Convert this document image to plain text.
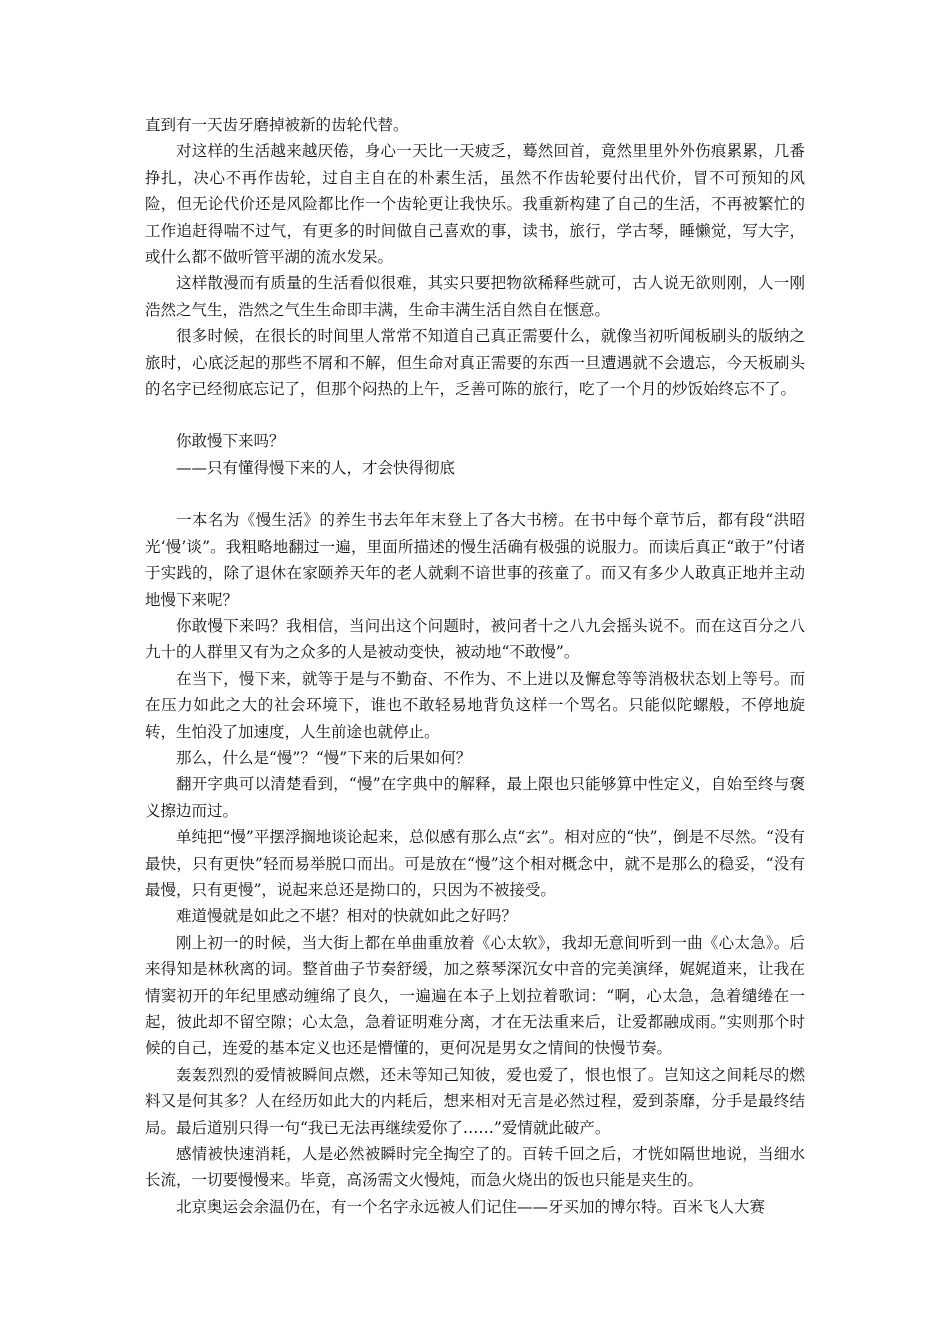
直到有一天齿牙磨掉被新的齿轮代替。

对这样的生活越来越厌倦，身心一天比一天疲乏，蓦然回首，竟然里里外外伤痕累累，几番挣扎，决心不再作齿轮，过自主自在的朴素生活，虽然不作齿轮要付出代价，冒不可预知的风险，但无论代价还是风险都比作一个齿轮更让我快乐。我重新构建了自己的生活，不再被繁忙的工作追赶得喘不过气，有更多的时间做自己喜欢的事，读书，旅行，学古琴，睡懒觉，写大字，或什么都不做听管平湖的流水发呆。

这样散漫而有质量的生活看似很难，其实只要把物欲稀释些就可，古人说无欲则刚，人一刚浩然之气生，浩然之气生生命即丰满，生命丰满生活自然自在惬意。

很多时候，在很长的时间里人常常不知道自己真正需要什么，就像当初听闻板刷头的版纳之旅时，心底泛起的那些不屑和不解，但生命对真正需要的东西一旦遭遇就不会遗忘，今天板刷头的名字已经彻底忘记了，但那个闷热的上午，乏善可陈的旅行，吃了一个月的炒饭始终忘不了。

你敢慢下来吗？

——只有懂得慢下来的人，才会快得彻底

一本名为《慢生活》的养生书去年年末登上了各大书榜。在书中每个章节后，都有段“洪昭光‘慢’谈”。我粗略地翻过一遍，里面所描述的慢生活确有极强的说服力。而读后真正“敢于”付诸于实践的，除了退休在家颐养天年的老人就剩不谙世事的孩童了。而又有多少人敢真正地并主动地慢下来呢？

你敢慢下来吗？我相信，当问出这个问题时，被问者十之八九会摇头说不。而在这百分之八九十的人群里又有为之众多的人是被动变快，被动地“不敢慢”。

在当下，慢下来，就等于是与不勤奋、不作为、不上进以及懈怠等等消极状态划上等号。而在压力如此之大的社会环境下，谁也不敢轻易地背负这样一个骂名。只能似陀螺般，不停地旋转，生怕没了加速度，人生前途也就停止。

那么，什么是“慢”？“慢”下来的后果如何？

翻开字典可以清楚看到，“慢”在字典中的解释，最上限也只能够算中性定义，自始至终与褒义擦边而过。

单纯把“慢”平摆浮搁地谈论起来，总似感有那么点“玄”。相对应的“快”，倒是不尽然。“没有最快，只有更快”轻而易举脱口而出。可是放在“慢”这个相对概念中，就不是那么的稳妥，“没有最慢，只有更慢”，说起来总还是拗口的，只因为不被接受。

难道慢就是如此之不堪？相对的快就如此之好吗？

刚上初一的时候，当大街上都在单曲重放着《心太软》，我却无意间听到一曲《心太急》。后来得知是林秋离的词。整首曲子节奏舒缓，加之蔡琴深沉女中音的完美演绎，娓娓道来，让我在情窦初开的年纪里感动缠绵了良久，一遍遍在本子上划拉着歌词：“啊，心太急，急着缱绻在一起，彼此却不留空隙；心太急，急着证明难分离，才在无法重来后，让爱都融成雨。”实则那个时候的自己，连爱的基本定义也还是懵懂的，更何况是男女之情间的快慢节奏。

轰轰烈烈的爱情被瞬间点燃，还未等知己知彼，爱也爱了，恨也恨了。岂知这之间耗尽的燃料又是何其多？人在经历如此大的内耗后，想来相对无言是必然过程，爱到荼靡，分手是最终结局。最后道别只得一句“我已无法再继续爱你了……”爱情就此破产。

感情被快速消耗，人是必然被瞬时完全掏空了的。百转千回之后，才恍如隔世地说，当细水长流，一切要慢慢来。毕竟，高汤需文火慢炖，而急火烧出的饭也只能是夹生的。

北京奥运会余温仍在，有一个名字永远被人们记住——牙买加的博尔特。百米飞人大赛
